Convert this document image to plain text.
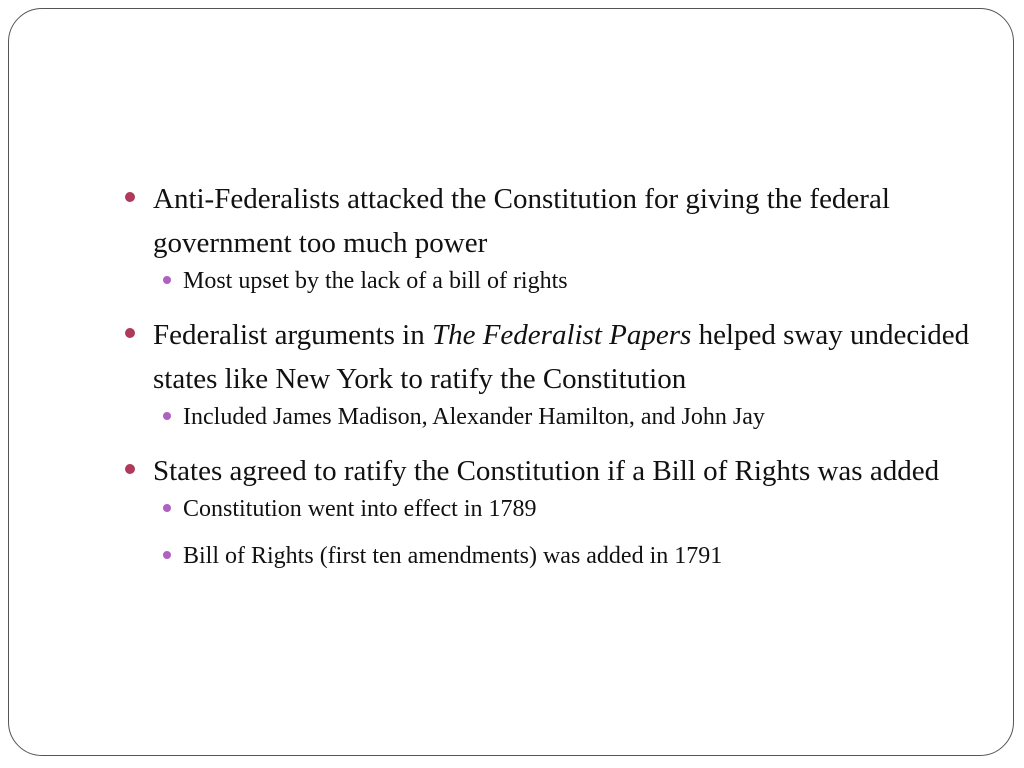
Anti-Federalists attacked the Constitution for giving the federal government too much power
Most upset by the lack of a bill of rights
Federalist arguments in The Federalist Papers helped sway undecided states like New York to ratify the Constitution
Included James Madison, Alexander Hamilton, and John Jay
States agreed to ratify the Constitution if a Bill of Rights was added
Constitution went into effect in 1789
Bill of Rights (first ten amendments) was added in 1791
